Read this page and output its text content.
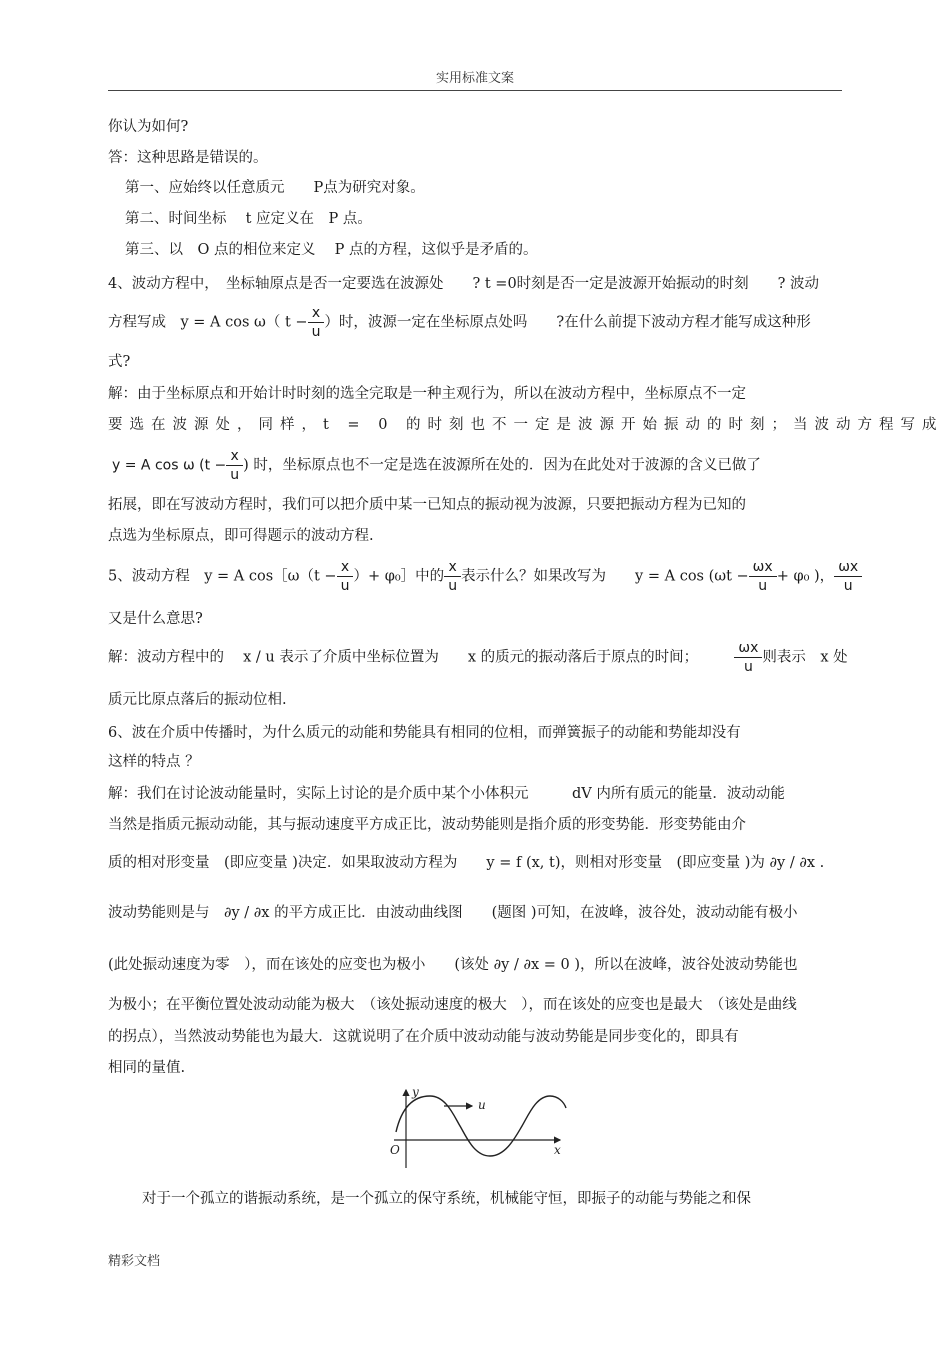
实用标准文案
你认为如何?
答：这种思路是错误的。
第一、应始终以任意质元　　P点为研究对象。
第二、时间坐标　 t 应定义在　P 点。
第三、以　O 点的相位来定义　 P 点的方程，这似乎是矛盾的。
4、波动方程中，　坐标轴原点是否一定要选在波源处　　? t =0时刻是否一定是波源开始振动的时刻　　? 波动
方程写成　y = A cos ω（ $t - \frac{x}{u}$ ）时，波源一定在坐标原点处吗　　?在什么前提下波动方程才能写成这种形
式?
解：由于坐标原点和开始计时时刻的选全完取是一种主观行为，所以在波动方程中，坐标原点不一定
要选在波源处，同样，t = 0 的时刻也不一定是波源开始振动的时刻；当波动方程写成
y = A cos ω ($t - \frac{x}{u}$ ) 时，坐标原点也不一定是选在波源所在处的．因为在此处对于波源的含义已做了
拓展，即在写波动方程时，我们可以把介质中某一已知点的振动视为波源，只要把振动方程为已知的
点选为坐标原点，即可得题示的波动方程.
5、波动方程　y = A cos［ω（t − $\frac{x}{u}$ ）+ φ₀］中的 $\frac{x}{u}$ 表示什么？如果改写为　　y = A $\cos (\omega t - \frac{\omega x}{u} + \varphi_0$ )， $\frac{\omega x}{u}$
又是什么意思?
解：波动方程中的　 x / u 表示了介质中坐标位置为　　x 的质元的振动落后于原点的时间；　　　	$\frac{\omega x}{u}$ 则表示　x 处
质元比原点落后的振动位相.
6、波在介质中传播时，为什么质元的动能和势能具有相同的位相，而弹簧振子的动能和势能却没有
这样的特点 ？
解：我们在讨论波动能量时，实际上讨论的是介质中某个小体积元　　　dV 内所有质元的能量．波动动能
当然是指质元振动动能，其与振动速度平方成正比，波动势能则是指介质的形变势能．形变势能由介
质的相对形变量　(即应变量 )决定．如果取波动方程为　　y = f (x, t)，则相对形变量　(即应变量 )为 ∂y / ∂x .
波动势能则是与　∂y / ∂x 的平方成正比．由波动曲线图　　(题图 )可知，在波峰，波谷处，波动动能有极小
(此处振动速度为零　），而在该处的应变也为极小　　(该处 ∂y / ∂x = 0 )，所以在波峰，波谷处波动势能也
为极小；在平衡位置处波动动能为极大　（该处振动速度的极大　），而在该处的应变也是最大　（该处是曲线
的拐点），当然波动势能也为最大．这就说明了在介质中波动动能与波动势能是同步变化的，即具有
相同的量值.
y
u
O	x
对于一个孤立的谐振动系统，是一个孤立的保守系统，机械能守恒，即振子的动能与势能之和保
精彩文档
